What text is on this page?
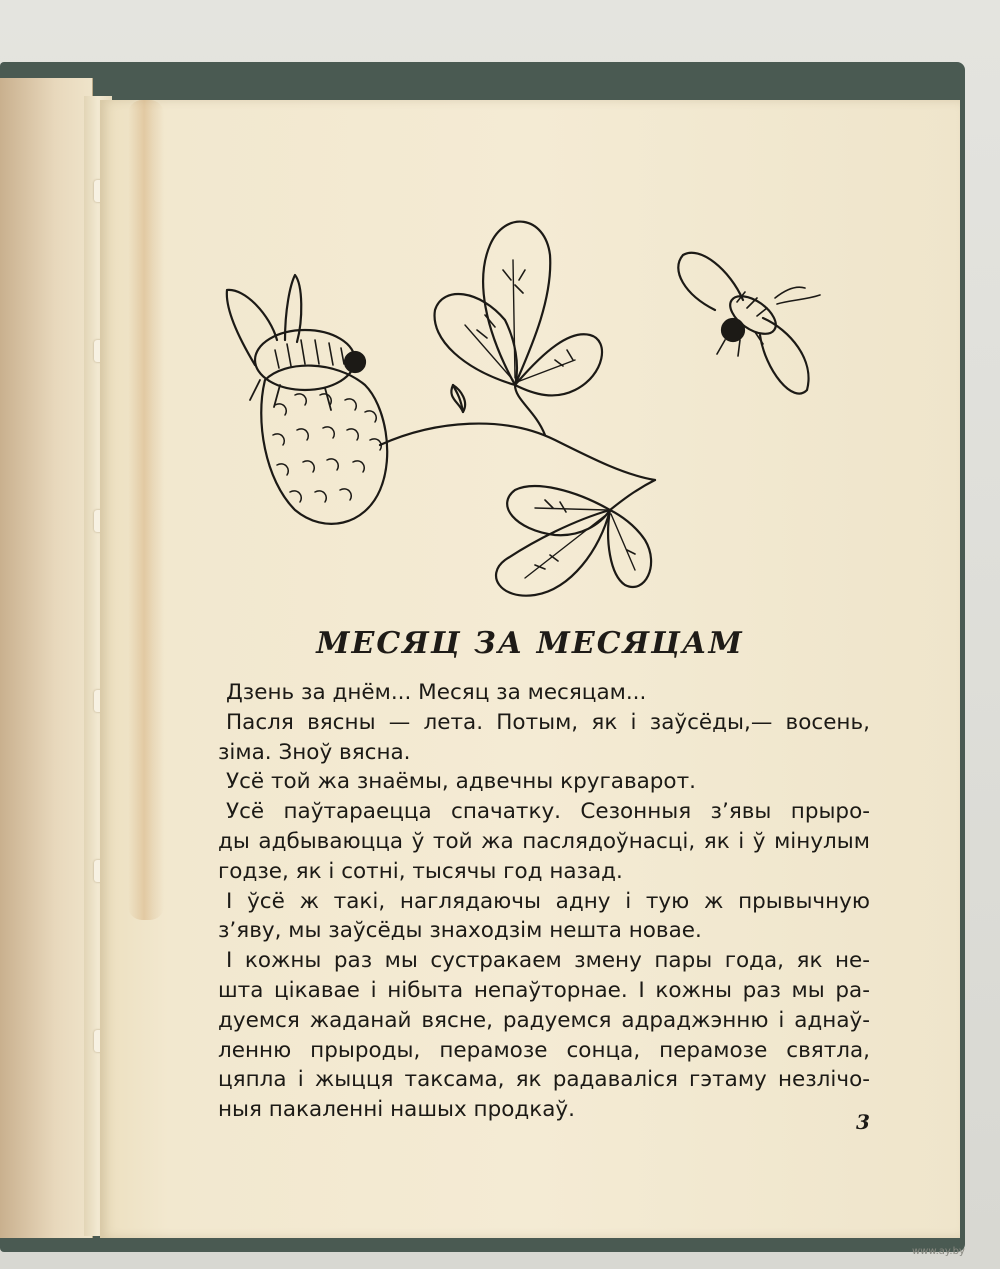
МЕСЯЦ ЗА МЕСЯЦАМ

Дзень за днём... Месяц за месяцам...

Пасля вясны — лета. Потым, як і заўсёды,— восень,
зіма. Зноў вясна.

Усё той жа знаёмы, адвечны кругаварот.

Усё паўтараецца спачатку. Сезонныя з’явы прыро-
ды адбываюцца ў той жа паслядоўнасці, як і ў мінулым
годзе, як і сотні, тысячы год назад.

І ўсё ж такі, наглядаючы адну і тую ж прывычную
з’яву, мы заўсёды знаходзім нешта новае.

І кожны раз мы сустракаем змену пары года, як не-
шта цікавае і нібыта непаўторнае. І кожны раз мы ра-
дуемся жаданай вясне, радуемся адраджэнню і аднаў-
ленню прыроды, перамозе сонца, перамозе святла,
цяпла і жыцця таксама, як радаваліся гэтаму незлічо-
ныя пакаленні нашых продкаў.	3
www.ay.by
